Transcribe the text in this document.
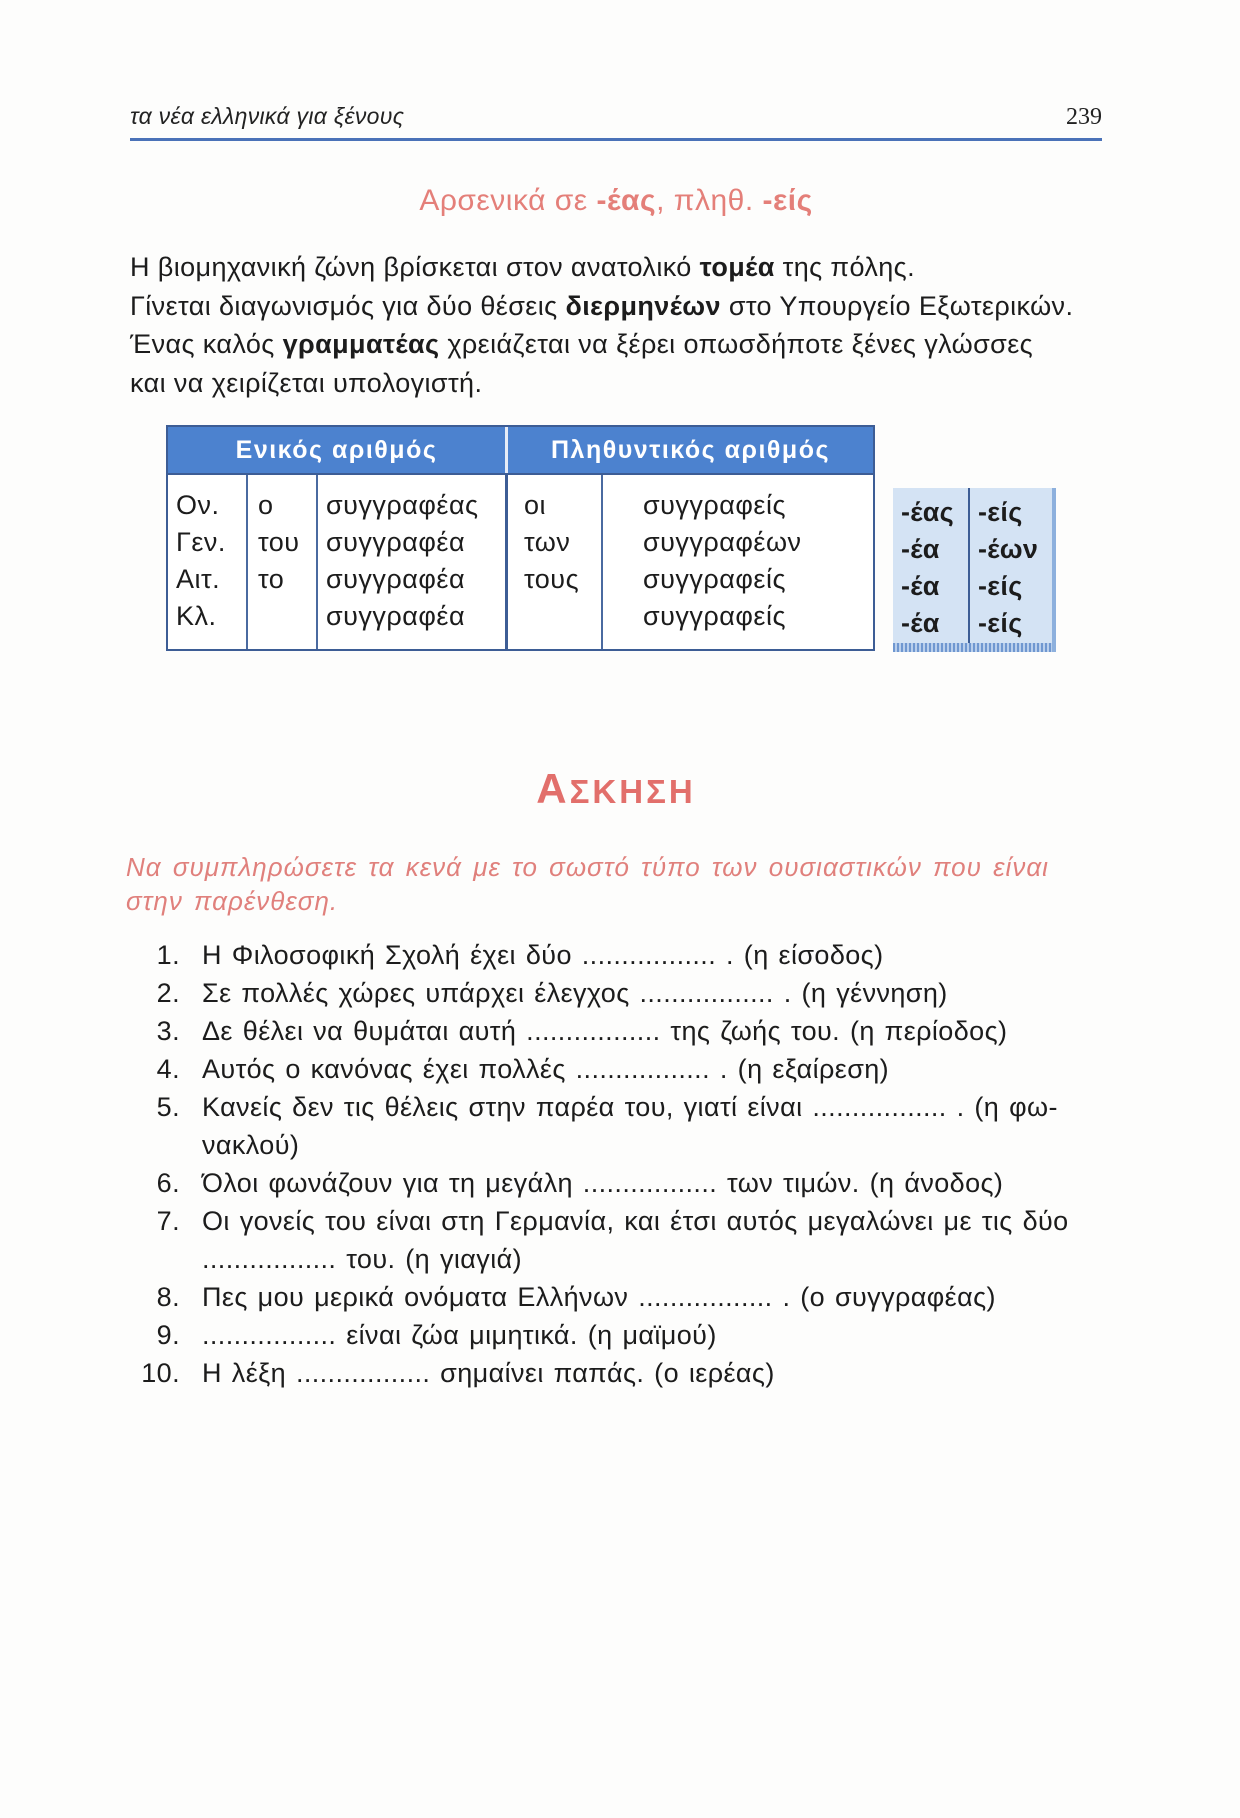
τα νέα ελληνικά για ξένους	239
Αρσενικά σε -έας, πληθ. -είς
Η βιομηχανική ζώνη βρίσκεται στον ανατολικό τομέα της πόλης.
Γίνεται διαγωνισμός για δύο θέσεις διερμηνέων στο Υπουργείο Εξωτερικών.
Ένας καλός γραμματέας χρειάζεται να ξέρει οπωσδήποτε ξένες γλώσσες
και να χειρίζεται υπολογιστή.
Ενικός αριθμός	Πληθυντικός αριθμός
Ον.
Γεν.
Αιτ.
Κλ.
ο
του
το
συγγραφέας
συγγραφέα
συγγραφέα
συγγραφέα
οι
των
τους
συγγραφείς
συγγραφέων
συγγραφείς
συγγραφείς
-έας
-έα
-έα
-έα
-είς
-έων
-είς
-είς
ΑΣΚΗΣΗ
Να συμπληρώσετε τα κενά με το σωστό τύπο των ουσιαστικών που είναι
στην παρένθεση.
1. Η Φιλοσοφική Σχολή έχει δύο ................. . (η είσοδος)
2. Σε πολλές χώρες υπάρχει έλεγχος ................. . (η γέννηση)
3. Δε θέλει να θυμάται αυτή ................. της ζωής του. (η περίοδος)
4. Αυτός ο κανόνας έχει πολλές ................. . (η εξαίρεση)
5. Κανείς δεν τις θέλεις στην παρέα του, γιατί είναι ................. . (η φω-
νακλού)
6. Όλοι φωνάζουν για τη μεγάλη ................. των τιμών. (η άνοδος)
7. Οι γονείς του είναι στη Γερμανία, και έτσι αυτός μεγαλώνει με τις δύο
................. του. (η γιαγιά)
8. Πες μου μερικά ονόματα Ελλήνων ................. . (ο συγγραφέας)
9. ................. είναι ζώα μιμητικά. (η μαϊμού)
10. Η λέξη ................. σημαίνει παπάς. (ο ιερέας)
